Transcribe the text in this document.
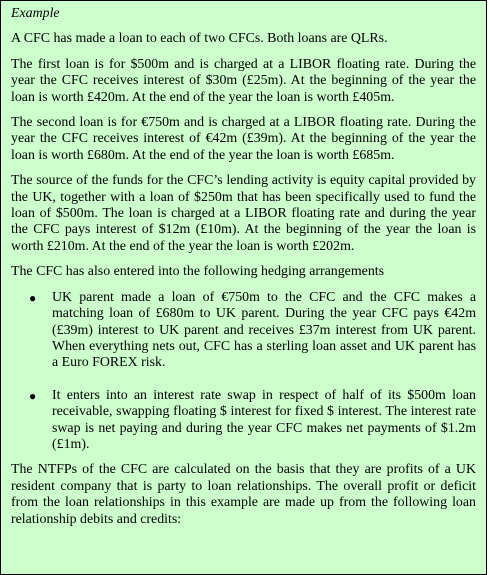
Example

A CFC has made a loan to each of two CFCs. Both loans are QLRs.

The first loan is for $500m and is charged at a LIBOR floating rate. During the year the CFC receives interest of $30m (£25m). At the beginning of the year the loan is worth £420m. At the end of the year the loan is worth £405m.

The second loan is for €750m and is charged at a LIBOR floating rate. During the year the CFC receives interest of €42m (£39m). At the beginning of the year the loan is worth £680m. At the end of the year the loan is worth £685m.

The source of the funds for the CFC’s lending activity is equity capital provided by the UK, together with a loan of $250m that has been specifically used to fund the loan of $500m. The loan is charged at a LIBOR floating rate and during the year the CFC pays interest of $12m (£10m). At the beginning of the year the loan is worth £210m. At the end of the year the loan is worth £202m.

The CFC has also entered into the following hedging arrangements

● UK parent made a loan of €750m to the CFC and the CFC makes a matching loan of £680m to UK parent. During the year CFC pays €42m (£39m) interest to UK parent and receives £37m interest from UK parent. When everything nets out, CFC has a sterling loan asset and UK parent has a Euro FOREX risk.
● It enters into an interest rate swap in respect of half of its $500m loan receivable, swapping floating $ interest for fixed $ interest. The interest rate swap is net paying and during the year CFC makes net payments of $1.2m (£1m).

The NTFPs of the CFC are calculated on the basis that they are profits of a UK resident company that is party to loan relationships. The overall profit or deficit from the loan relationships in this example are made up from the following loan relationship debits and credits:
